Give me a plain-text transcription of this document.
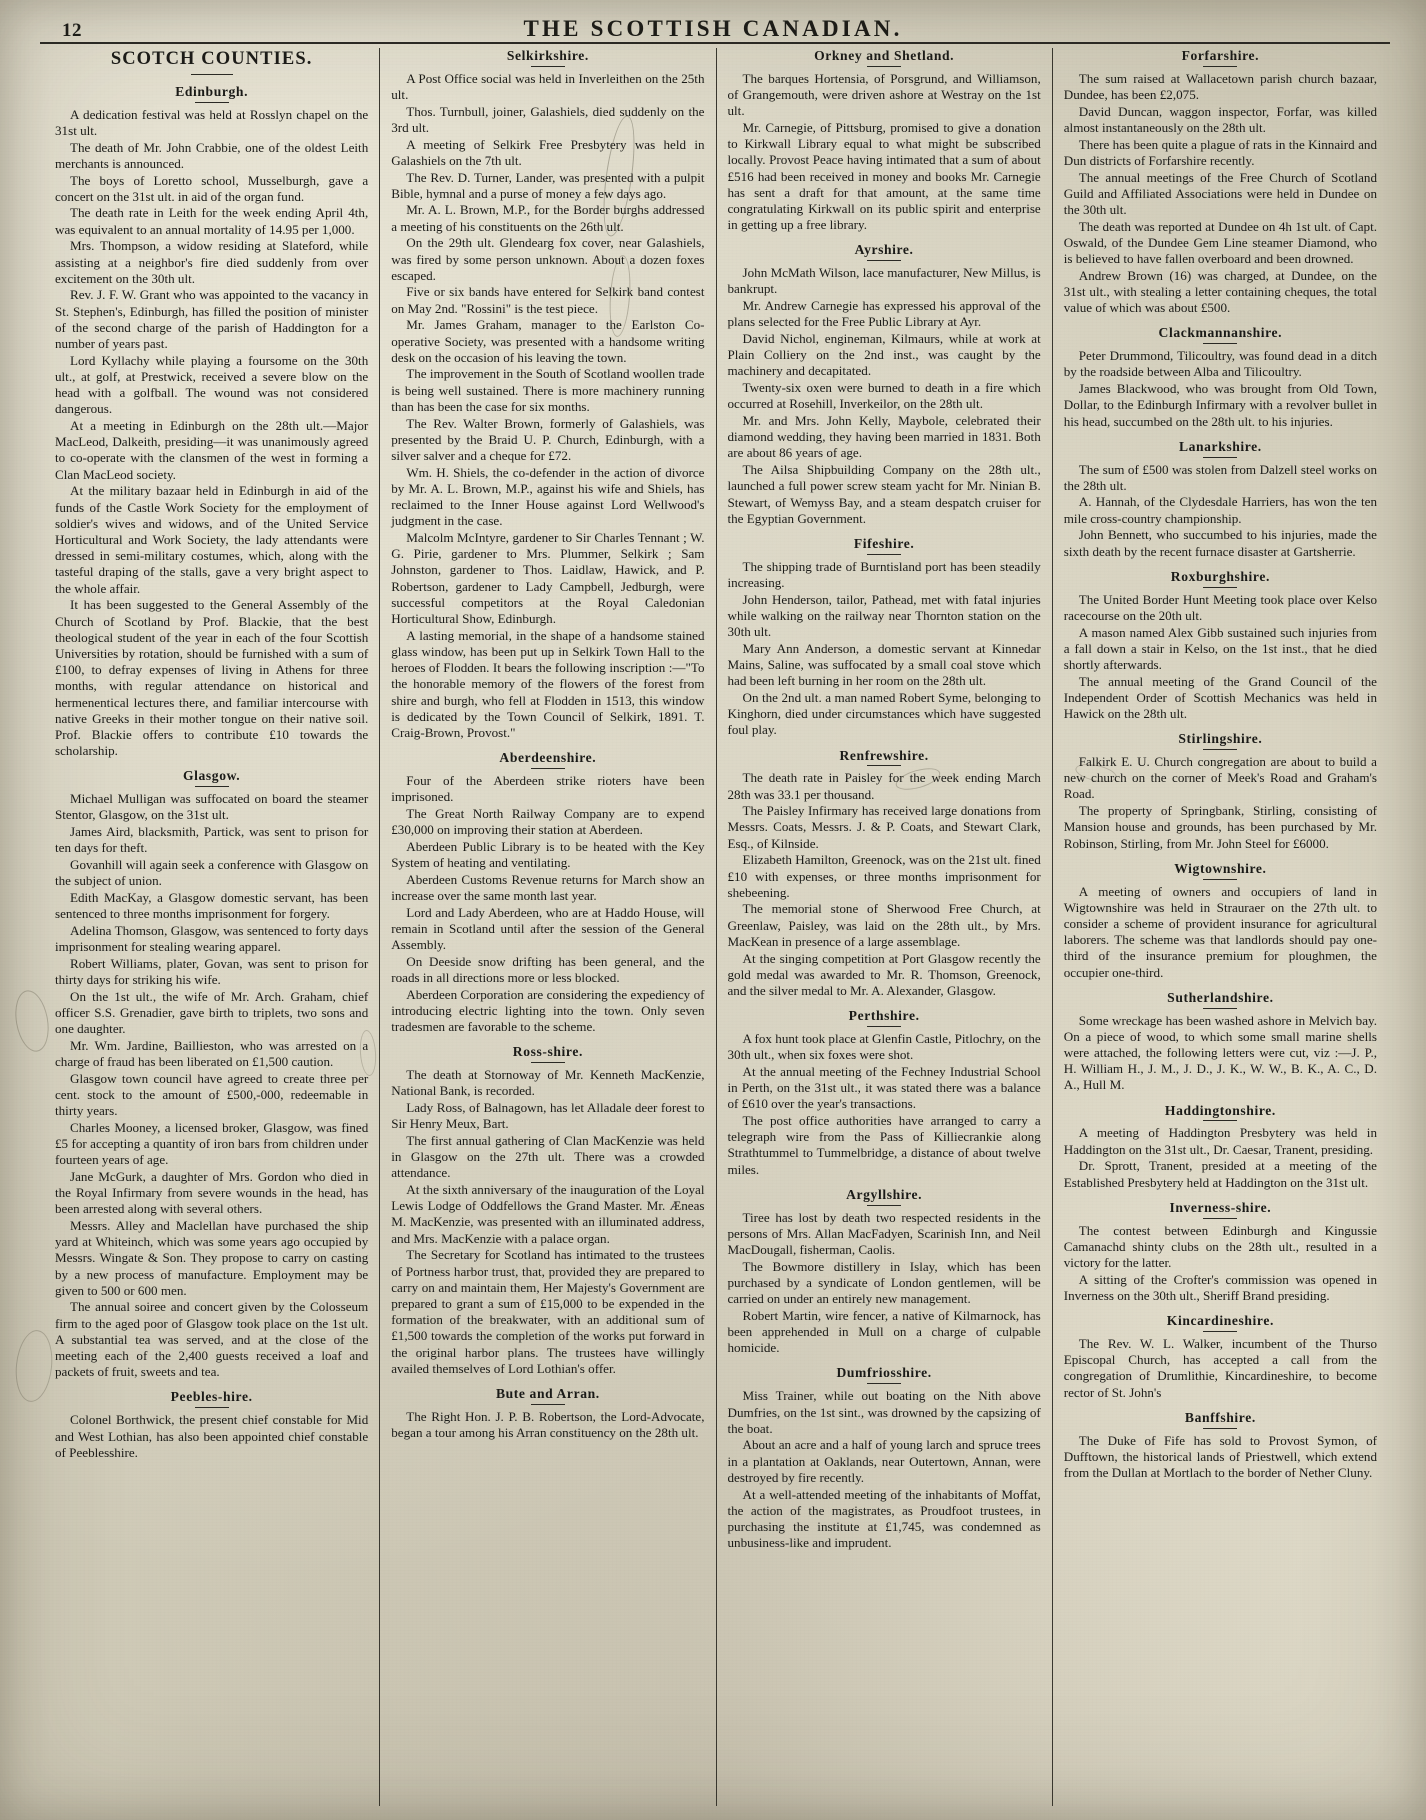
12	THE SCOTTISH CANADIAN.
SCOTCH COUNTIES.
Edinburgh.

A dedication festival was held at Rosslyn chapel on the 31st ult.

The death of Mr. John Crabbie, one of the oldest Leith merchants is announced.

The boys of Loretto school, Musselburgh, gave a concert on the 31st ult. in aid of the organ fund.

The death rate in Leith for the week ending April 4th, was equivalent to an annual mortality of 14.95 per 1,000.

Mrs. Thompson, a widow residing at Slateford, while assisting at a neighbor's fire died suddenly from over excitement on the 30th ult.

Rev. J. F. W. Grant who was appointed to the vacancy in St. Stephen's, Edinburgh, has filled the position of minister of the second charge of the parish of Haddington for a number of years past.

Lord Kyllachy while playing a foursome on the 30th ult., at golf, at Prestwick, received a severe blow on the head with a golfball. The wound was not considered dangerous.

At a meeting in Edinburgh on the 28th ult.—Major MacLeod, Dalkeith, presiding—it was unanimously agreed to co-operate with the clansmen of the west in forming a Clan MacLeod society.

At the military bazaar held in Edinburgh in aid of the funds of the Castle Work Society for the employment of soldier's wives and widows, and of the United Service Horticultural and Work Society, the lady attendants were dressed in semi-military costumes, which, along with the tasteful draping of the stalls, gave a very bright aspect to the whole affair.

It has been suggested to the General Assembly of the Church of Scotland by Prof. Blackie, that the best theological student of the year in each of the four Scottish Universities by rotation, should be furnished with a sum of £100, to defray expenses of living in Athens for three months, with regular attendance on historical and hermenentical lectures there, and familiar intercourse with native Greeks in their mother tongue on their native soil. Prof. Blackie offers to contribute £10 towards the scholarship.

Glasgow.

Michael Mulligan was suffocated on board the steamer Stentor, Glasgow, on the 31st ult.

James Aird, blacksmith, Partick, was sent to prison for ten days for theft.

Govanhill will again seek a conference with Glasgow on the subject of union.

Edith MacKay, a Glasgow domestic servant, has been sentenced to three months imprisonment for forgery.

Adelina Thomson, Glasgow, was sentenced to forty days imprisonment for stealing wearing apparel.

Robert Williams, plater, Govan, was sent to prison for thirty days for striking his wife.

On the 1st ult., the wife of Mr. Arch. Graham, chief officer S.S. Grenadier, gave birth to triplets, two sons and one daughter.

Mr. Wm. Jardine, Baillieston, who was arrested on a charge of fraud has been liberated on £1,500 caution.

Glasgow town council have agreed to create three per cent. stock to the amount of £500,-000, redeemable in thirty years.

Charles Mooney, a licensed broker, Glasgow, was fined £5 for accepting a quantity of iron bars from children under fourteen years of age.

Jane McGurk, a daughter of Mrs. Gordon who died in the Royal Infirmary from severe wounds in the head, has been arrested along with several others.

Messrs. Alley and Maclellan have purchased the ship yard at Whiteinch, which was some years ago occupied by Messrs. Wingate & Son. They propose to carry on casting by a new process of manufacture. Employment may be given to 500 or 600 men.

The annual soiree and concert given by the Colosseum firm to the aged poor of Glasgow took place on the 1st ult. A substantial tea was served, and at the close of the meeting each of the 2,400 guests received a loaf and packets of fruit, sweets and tea.

Peebles-hire.

Colonel Borthwick, the present chief constable for Mid and West Lothian, has also been appointed chief constable of Peeblesshire.

Selkirkshire.

A Post Office social was held in Inverleithen on the 25th ult.

Thos. Turnbull, joiner, Galashiels, died suddenly on the 3rd ult.

A meeting of Selkirk Free Presbytery was held in Galashiels on the 7th ult.

The Rev. D. Turner, Lander, was presented with a pulpit Bible, hymnal and a purse of money a few days ago.

Mr. A. L. Brown, M.P., for the Border burghs addressed a meeting of his constituents on the 26th ult.

On the 29th ult. Glendearg fox cover, near Galashiels, was fired by some person unknown. About a dozen foxes escaped.

Five or six bands have entered for Selkirk band contest on May 2nd. "Rossini" is the test piece.

Mr. James Graham, manager to the Earlston Co-operative Society, was presented with a handsome writing desk on the occasion of his leaving the town.

The improvement in the South of Scotland woollen trade is being well sustained. There is more machinery running than has been the case for six months.

The Rev. Walter Brown, formerly of Galashiels, was presented by the Braid U. P. Church, Edinburgh, with a silver salver and a cheque for £72.

Wm. H. Shiels, the co-defender in the action of divorce by Mr. A. L. Brown, M.P., against his wife and Shiels, has reclaimed to the Inner House against Lord Wellwood's judgment in the case.

Malcolm McIntyre, gardener to Sir Charles Tennant ; W. G. Pirie, gardener to Mrs. Plummer, Selkirk ; Sam Johnston, gardener to Thos. Laidlaw, Hawick, and P. Robertson, gardener to Lady Campbell, Jedburgh, were successful competitors at the Royal Caledonian Horticultural Show, Edinburgh.

A lasting memorial, in the shape of a handsome stained glass window, has been put up in Selkirk Town Hall to the heroes of Flodden. It bears the following inscription :—"To the honorable memory of the flowers of the forest from shire and burgh, who fell at Flodden in 1513, this window is dedicated by the Town Council of Selkirk, 1891. T. Craig-Brown, Provost."

Aberdeenshire.

Four of the Aberdeen strike rioters have been imprisoned.

The Great North Railway Company are to expend £30,000 on improving their station at Aberdeen.

Aberdeen Public Library is to be heated with the Key System of heating and ventilating.

Aberdeen Customs Revenue returns for March show an increase over the same month last year.

Lord and Lady Aberdeen, who are at Haddo House, will remain in Scotland until after the session of the General Assembly.

On Deeside snow drifting has been general, and the roads in all directions more or less blocked.

Aberdeen Corporation are considering the expediency of introducing electric lighting into the town. Only seven tradesmen are favorable to the scheme.

Ross-shire.

The death at Stornoway of Mr. Kenneth MacKenzie, National Bank, is recorded.

Lady Ross, of Balnagown, has let Alladale deer forest to Sir Henry Meux, Bart.

The first annual gathering of Clan MacKenzie was held in Glasgow on the 27th ult. There was a crowded attendance.

At the sixth anniversary of the inauguration of the Loyal Lewis Lodge of Oddfellows the Grand Master. Mr. Æneas M. MacKenzie, was presented with an illuminated address, and Mrs. MacKenzie with a palace organ.

The Secretary for Scotland has intimated to the trustees of Portness harbor trust, that, provided they are prepared to carry on and maintain them, Her Majesty's Government are prepared to grant a sum of £15,000 to be expended in the formation of the breakwater, with an additional sum of £1,500 towards the completion of the works put forward in the original harbor plans. The trustees have willingly availed themselves of Lord Lothian's offer.

Bute and Arran.

The Right Hon. J. P. B. Robertson, the Lord-Advocate, began a tour among his Arran constituency on the 28th ult.

Orkney and Shetland.

The barques Hortensia, of Porsgrund, and Williamson, of Grangemouth, were driven ashore at Westray on the 1st ult.

Mr. Carnegie, of Pittsburg, promised to give a donation to Kirkwall Library equal to what might be subscribed locally. Provost Peace having intimated that a sum of about £516 had been received in money and books Mr. Carnegie has sent a draft for that amount, at the same time congratulating Kirkwall on its public spirit and enterprise in getting up a free library.

Ayrshire.

John McMath Wilson, lace manufacturer, New Millus, is bankrupt.

Mr. Andrew Carnegie has expressed his approval of the plans selected for the Free Public Library at Ayr.

David Nichol, engineman, Kilmaurs, while at work at Plain Colliery on the 2nd inst., was caught by the machinery and decapitated.

Twenty-six oxen were burned to death in a fire which occurred at Rosehill, Inverkeilor, on the 28th ult.

Mr. and Mrs. John Kelly, Maybole, celebrated their diamond wedding, they having been married in 1831. Both are about 86 years of age.

The Ailsa Shipbuilding Company on the 28th ult., launched a full power screw steam yacht for Mr. Ninian B. Stewart, of Wemyss Bay, and a steam despatch cruiser for the Egyptian Government.

Fifeshire.

The shipping trade of Burntisland port has been steadily increasing.

John Henderson, tailor, Pathead, met with fatal injuries while walking on the railway near Thornton station on the 30th ult.

Mary Ann Anderson, a domestic servant at Kinnedar Mains, Saline, was suffocated by a small coal stove which had been left burning in her room on the 28th ult.

On the 2nd ult. a man named Robert Syme, belonging to Kinghorn, died under circumstances which have suggested foul play.

Renfrewshire.

The death rate in Paisley for the week ending March 28th was 33.1 per thousand.

The Paisley Infirmary has received large donations from Messrs. Coats, Messrs. J. & P. Coats, and Stewart Clark, Esq., of Kilnside.

Elizabeth Hamilton, Greenock, was on the 21st ult. fined £10 with expenses, or three months imprisonment for shebeening.

The memorial stone of Sherwood Free Church, at Greenlaw, Paisley, was laid on the 28th ult., by Mrs. MacKean in presence of a large assemblage.

At the singing competition at Port Glasgow recently the gold medal was awarded to Mr. R. Thomson, Greenock, and the silver medal to Mr. A. Alexander, Glasgow.

Perthshire.

A fox hunt took place at Glenfin Castle, Pitlochry, on the 30th ult., when six foxes were shot.

At the annual meeting of the Fechney Industrial School in Perth, on the 31st ult., it was stated there was a balance of £610 over the year's transactions.

The post office authorities have arranged to carry a telegraph wire from the Pass of Killiecrankie along Strathtummel to Tummelbridge, a distance of about twelve miles.

Argyllshire.

Tiree has lost by death two respected residents in the persons of Mrs. Allan MacFadyen, Scarinish Inn, and Neil MacDougall, fisherman, Caolis.

The Bowmore distillery in Islay, which has been purchased by a syndicate of London gentlemen, will be carried on under an entirely new management.

Robert Martin, wire fencer, a native of Kilmarnock, has been apprehended in Mull on a charge of culpable homicide.

Dumfriosshire.

Miss Trainer, while out boating on the Nith above Dumfries, on the 1st sint., was drowned by the capsizing of the boat.

About an acre and a half of young larch and spruce trees in a plantation at Oaklands, near Outertown, Annan, were destroyed by fire recently.

At a well-attended meeting of the inhabitants of Moffat, the action of the magistrates, as Proudfoot trustees, in purchasing the institute at £1,745, was condemned as unbusiness-like and imprudent.

Forfarshire.

The sum raised at Wallacetown parish church bazaar, Dundee, has been £2,075.

David Duncan, waggon inspector, Forfar, was killed almost instantaneously on the 28th ult.

There has been quite a plague of rats in the Kinnaird and Dun districts of Forfarshire recently.

The annual meetings of the Free Church of Scotland Guild and Affiliated Associations were held in Dundee on the 30th ult.

The death was reported at Dundee on 4h 1st ult. of Capt. Oswald, of the Dundee Gem Line steamer Diamond, who is believed to have fallen overboard and been drowned.

Andrew Brown (16) was charged, at Dundee, on the 31st ult., with stealing a letter containing cheques, the total value of which was about £500.

Clackmannanshire.

Peter Drummond, Tilicoultry, was found dead in a ditch by the roadside between Alba and Tilicoultry.

James Blackwood, who was brought from Old Town, Dollar, to the Edinburgh Infirmary with a revolver bullet in his head, succumbed on the 28th ult. to his injuries.

Lanarkshire.

The sum of £500 was stolen from Dalzell steel works on the 28th ult.

A. Hannah, of the Clydesdale Harriers, has won the ten mile cross-country championship.

John Bennett, who succumbed to his injuries, made the sixth death by the recent furnace disaster at Gartsherrie.

Roxburghshire.

The United Border Hunt Meeting took place over Kelso racecourse on the 20th ult.

A mason named Alex Gibb sustained such injuries from a fall down a stair in Kelso, on the 1st inst., that he died shortly afterwards.

The annual meeting of the Grand Council of the Independent Order of Scottish Mechanics was held in Hawick on the 28th ult.

Stirlingshire.

Falkirk E. U. Church congregation are about to build a new church on the corner of Meek's Road and Graham's Road.

The property of Springbank, Stirling, consisting of Mansion house and grounds, has been purchased by Mr. Robinson, Stirling, from Mr. John Steel for £6000.

Wigtownshire.

A meeting of owners and occupiers of land in Wigtownshire was held in Strauraer on the 27th ult. to consider a scheme of provident insurance for agricultural laborers. The scheme was that landlords should pay one-third of the insurance premium for ploughmen, the occupier one-third.

Sutherlandshire.

Some wreckage has been washed ashore in Melvich bay. On a piece of wood, to which some small marine shells were attached, the following letters were cut, viz :—J. P., H. William H., J. M., J. D., J. K., W. W., B. K., A. C., D. A., Hull M.

Haddingtonshire.

A meeting of Haddington Presbytery was held in Haddington on the 31st ult., Dr. Caesar, Tranent, presiding.

Dr. Sprott, Tranent, presided at a meeting of the Established Presbytery held at Haddington on the 31st ult.

Inverness-shire.

The contest between Edinburgh and Kingussie Camanachd shinty clubs on the 28th ult., resulted in a victory for the latter.

A sitting of the Crofter's commission was opened in Inverness on the 30th ult., Sheriff Brand presiding.

Kincardineshire.

The Rev. W. L. Walker, incumbent of the Thurso Episcopal Church, has accepted a call from the congregation of Drumlithie, Kincardineshire, to become rector of St. John's

Banffshire.

The Duke of Fife has sold to Provost Symon, of Dufftown, the historical lands of Priestwell, which extend from the Dullan at Mortlach to the border of Nether Cluny.
